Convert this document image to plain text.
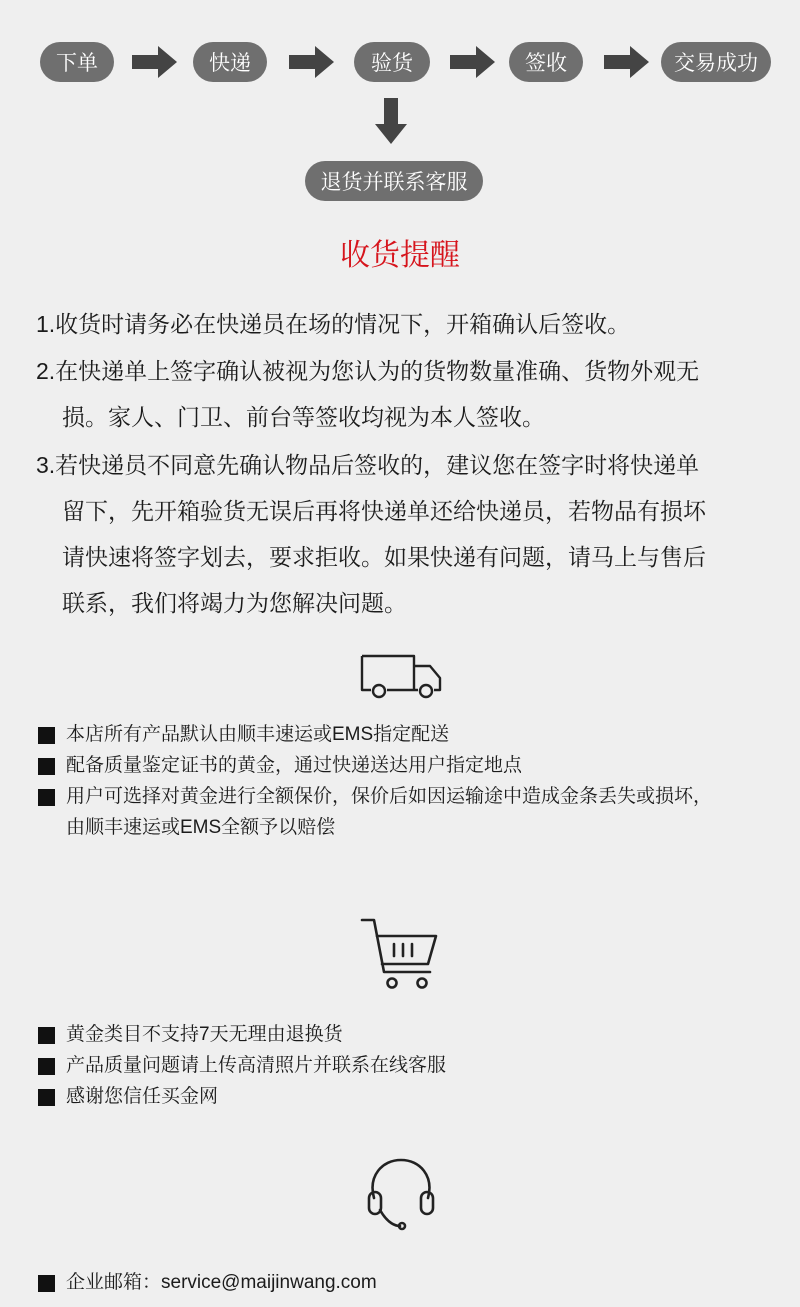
下单	快递	验货	签收	交易成功
退货并联系客服
收货提醒
1.收货时请务必在快递员在场的情况下，开箱确认后签收。
2.在快递单上签字确认被视为您认为的货物数量准确、货物外观无
损。家人、门卫、前台等签收均视为本人签收。
3.若快递员不同意先确认物品后签收的，建议您在签字时将快递单
留下，先开箱验货无误后再将快递单还给快递员，若物品有损坏
请快速将签字划去，要求拒收。如果快递有问题，请马上与售后
联系，我们将竭力为您解决问题。
本店所有产品默认由顺丰速运或EMS指定配送
配备质量鉴定证书的黄金，通过快递送达用户指定地点
用户可选择对黄金进行全额保价，保价后如因运输途中造成金条丢失或损坏，
由顺丰速运或EMS全额予以赔偿
黄金类目不支持7天无理由退换货
产品质量问题请上传高清照片并联系在线客服
感谢您信任买金网
企业邮箱：service@maijinwang.com
